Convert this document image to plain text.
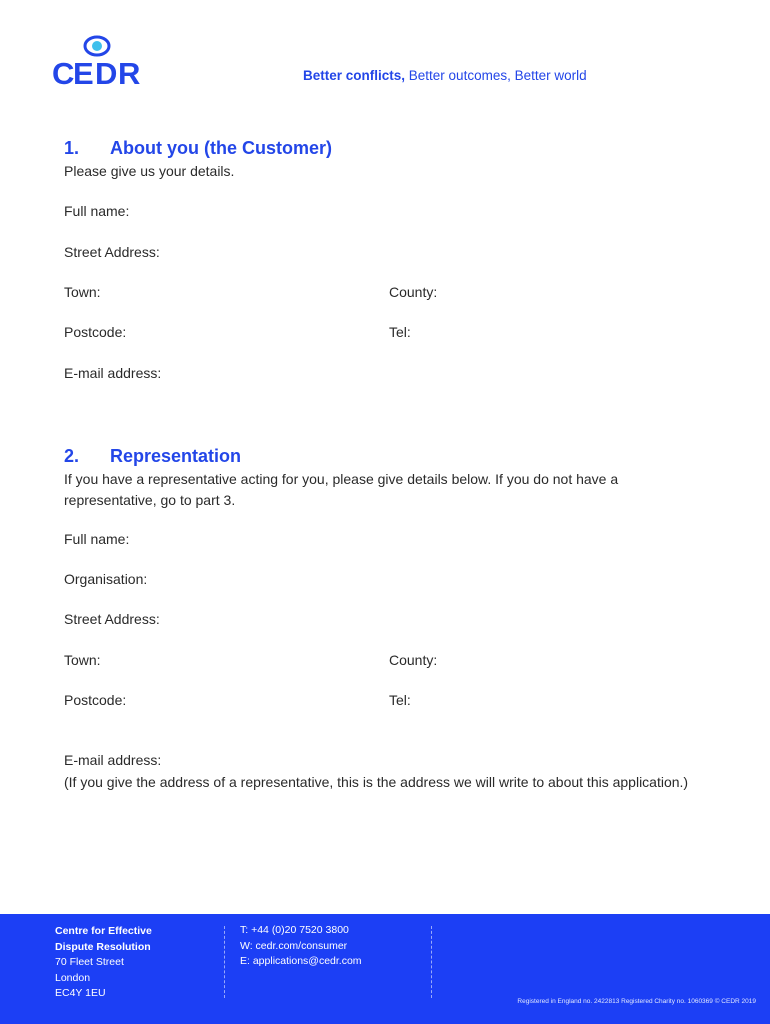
C
E D R	Better conflicts, Better outcomes, Better world
1. About you (the Customer)
Please give us your details.
Full name:
Street Address:
Town:	County:
Postcode:	Tel:
E-mail address:
2. Representation
If you have a representative acting for you, please give details below. If you do not have a representative, go to part 3.
Full name:
Organisation:
Street Address:
Town:	County:
Postcode:	Tel:
E-mail address:
(If you give the address of a representative, this is the address we will write to about this application.)
Centre for Effective
Dispute Resolution
70 Fleet Street
London
EC4Y 1EU
T: +44 (0)20 7520 3800
W: cedr.com/consumer
E: applications@cedr.com
Registered in England no. 2422813 Registered Charity no. 1060369 © CEDR 2019
